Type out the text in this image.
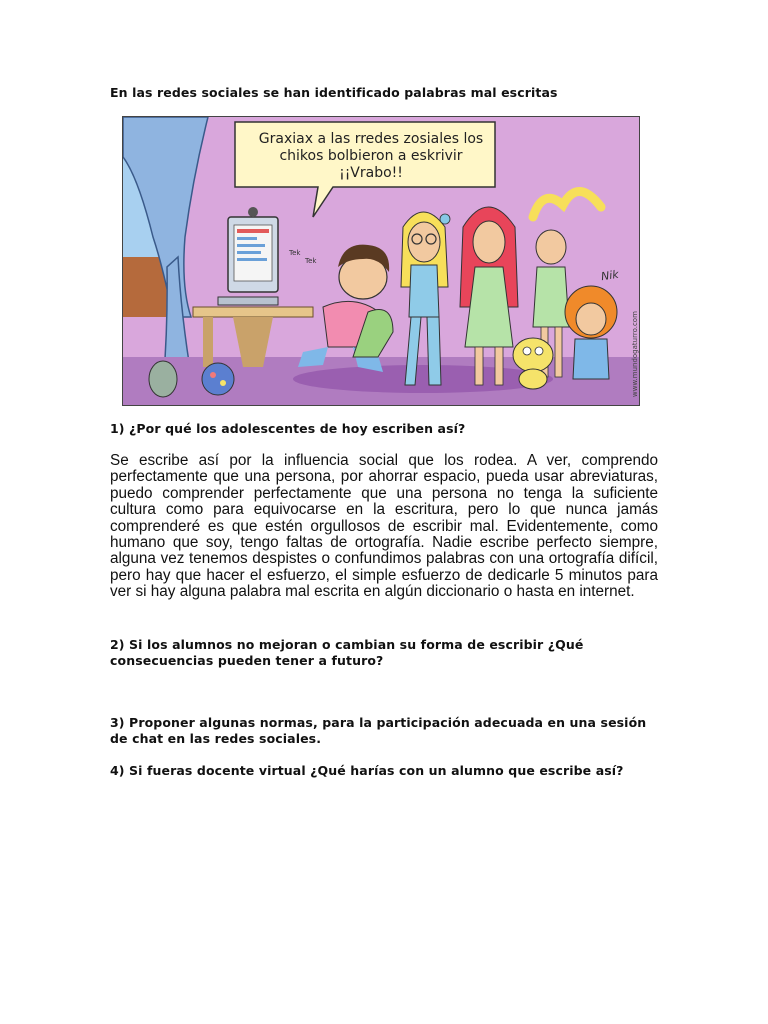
En las redes sociales se han identificado palabras mal escritas
Graxiax a las rredes zosiales los chikos bolbieron a eskrivir ¡¡Vrabo!!
Tek
Tek
Nik
www.mundogaturro.com
1) ¿Por qué los adolescentes de hoy escriben así?
Se escribe así por la influencia social que los rodea. A ver, comprendo perfectamente que una persona, por ahorrar espacio, pueda usar abreviaturas, puedo comprender perfectamente que una persona no tenga la suficiente cultura como para equivocarse en la escritura, pero lo que nunca jamás comprenderé es que estén orgullosos de escribir mal. Evidentemente, como humano que soy, tengo faltas de ortografía. Nadie escribe perfecto siempre, alguna vez tenemos despistes o confundimos palabras con una ortografía difícil, pero hay que hacer el esfuerzo, el simple esfuerzo de dedicarle 5 minutos para ver si hay alguna palabra mal escrita en algún diccionario o hasta en internet.
2) Si los alumnos no mejoran o cambian su forma de escribir ¿Qué consecuencias pueden tener a futuro?
3) Proponer algunas normas, para la participación adecuada en una sesión de chat en las redes sociales.
4) Si fueras docente virtual ¿Qué harías con un alumno que escribe así?
